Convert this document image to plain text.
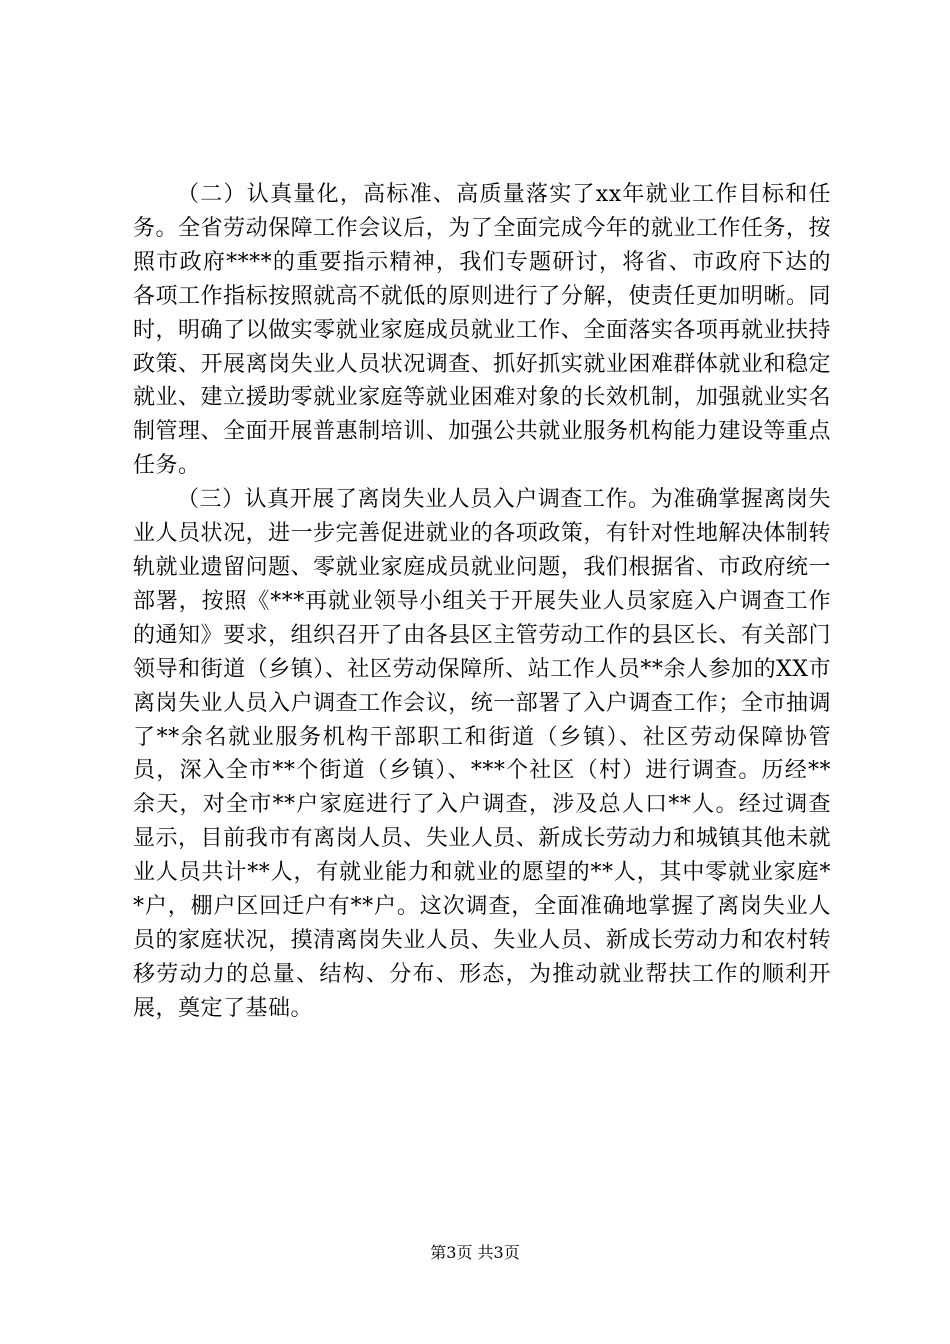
（二）认真量化，高标准、高质量落实了xx年就业工作目标和任务。全省劳动保障工作会议后，为了全面完成今年的就业工作任务，按照市政府****的重要指示精神，我们专题研讨，将省、市政府下达的各项工作指标按照就高不就低的原则进行了分解，使责任更加明晰。同时，明确了以做实零就业家庭成员就业工作、全面落实各项再就业扶持政策、开展离岗失业人员状况调查、抓好抓实就业困难群体就业和稳定就业、建立援助零就业家庭等就业困难对象的长效机制，加强就业实名制管理、全面开展普惠制培训、加强公共就业服务机构能力建设等重点任务。

（三）认真开展了离岗失业人员入户调查工作。为准确掌握离岗失业人员状况，进一步完善促进就业的各项政策，有针对性地解决体制转轨就业遗留问题、零就业家庭成员就业问题，我们根据省、市政府统一部署，按照《***再就业领导小组关于开展失业人员家庭入户调查工作的通知》要求，组织召开了由各县区主管劳动工作的县区长、有关部门领导和街道（乡镇）、社区劳动保障所、站工作人员**余人参加的XX市离岗失业人员入户调查工作会议，统一部署了入户调查工作；全市抽调了**余名就业服务机构干部职工和街道（乡镇）、社区劳动保障协管员，深入全市**个街道（乡镇）、***个社区（村）进行调查。历经**余天，对全市**户家庭进行了入户调查，涉及总人口**人。经过调查显示，目前我市有离岗人员、失业人员、新成长劳动力和城镇其他未就业人员共计**人，有就业能力和就业的愿望的**人，其中零就业家庭**户，棚户区回迁户有**户。这次调查，全面准确地掌握了离岗失业人员的家庭状况，摸清离岗失业人员、失业人员、新成长劳动力和农村转移劳动力的总量、结构、分布、形态，为推动就业帮扶工作的顺利开展，奠定了基础。

第3页 共3页
